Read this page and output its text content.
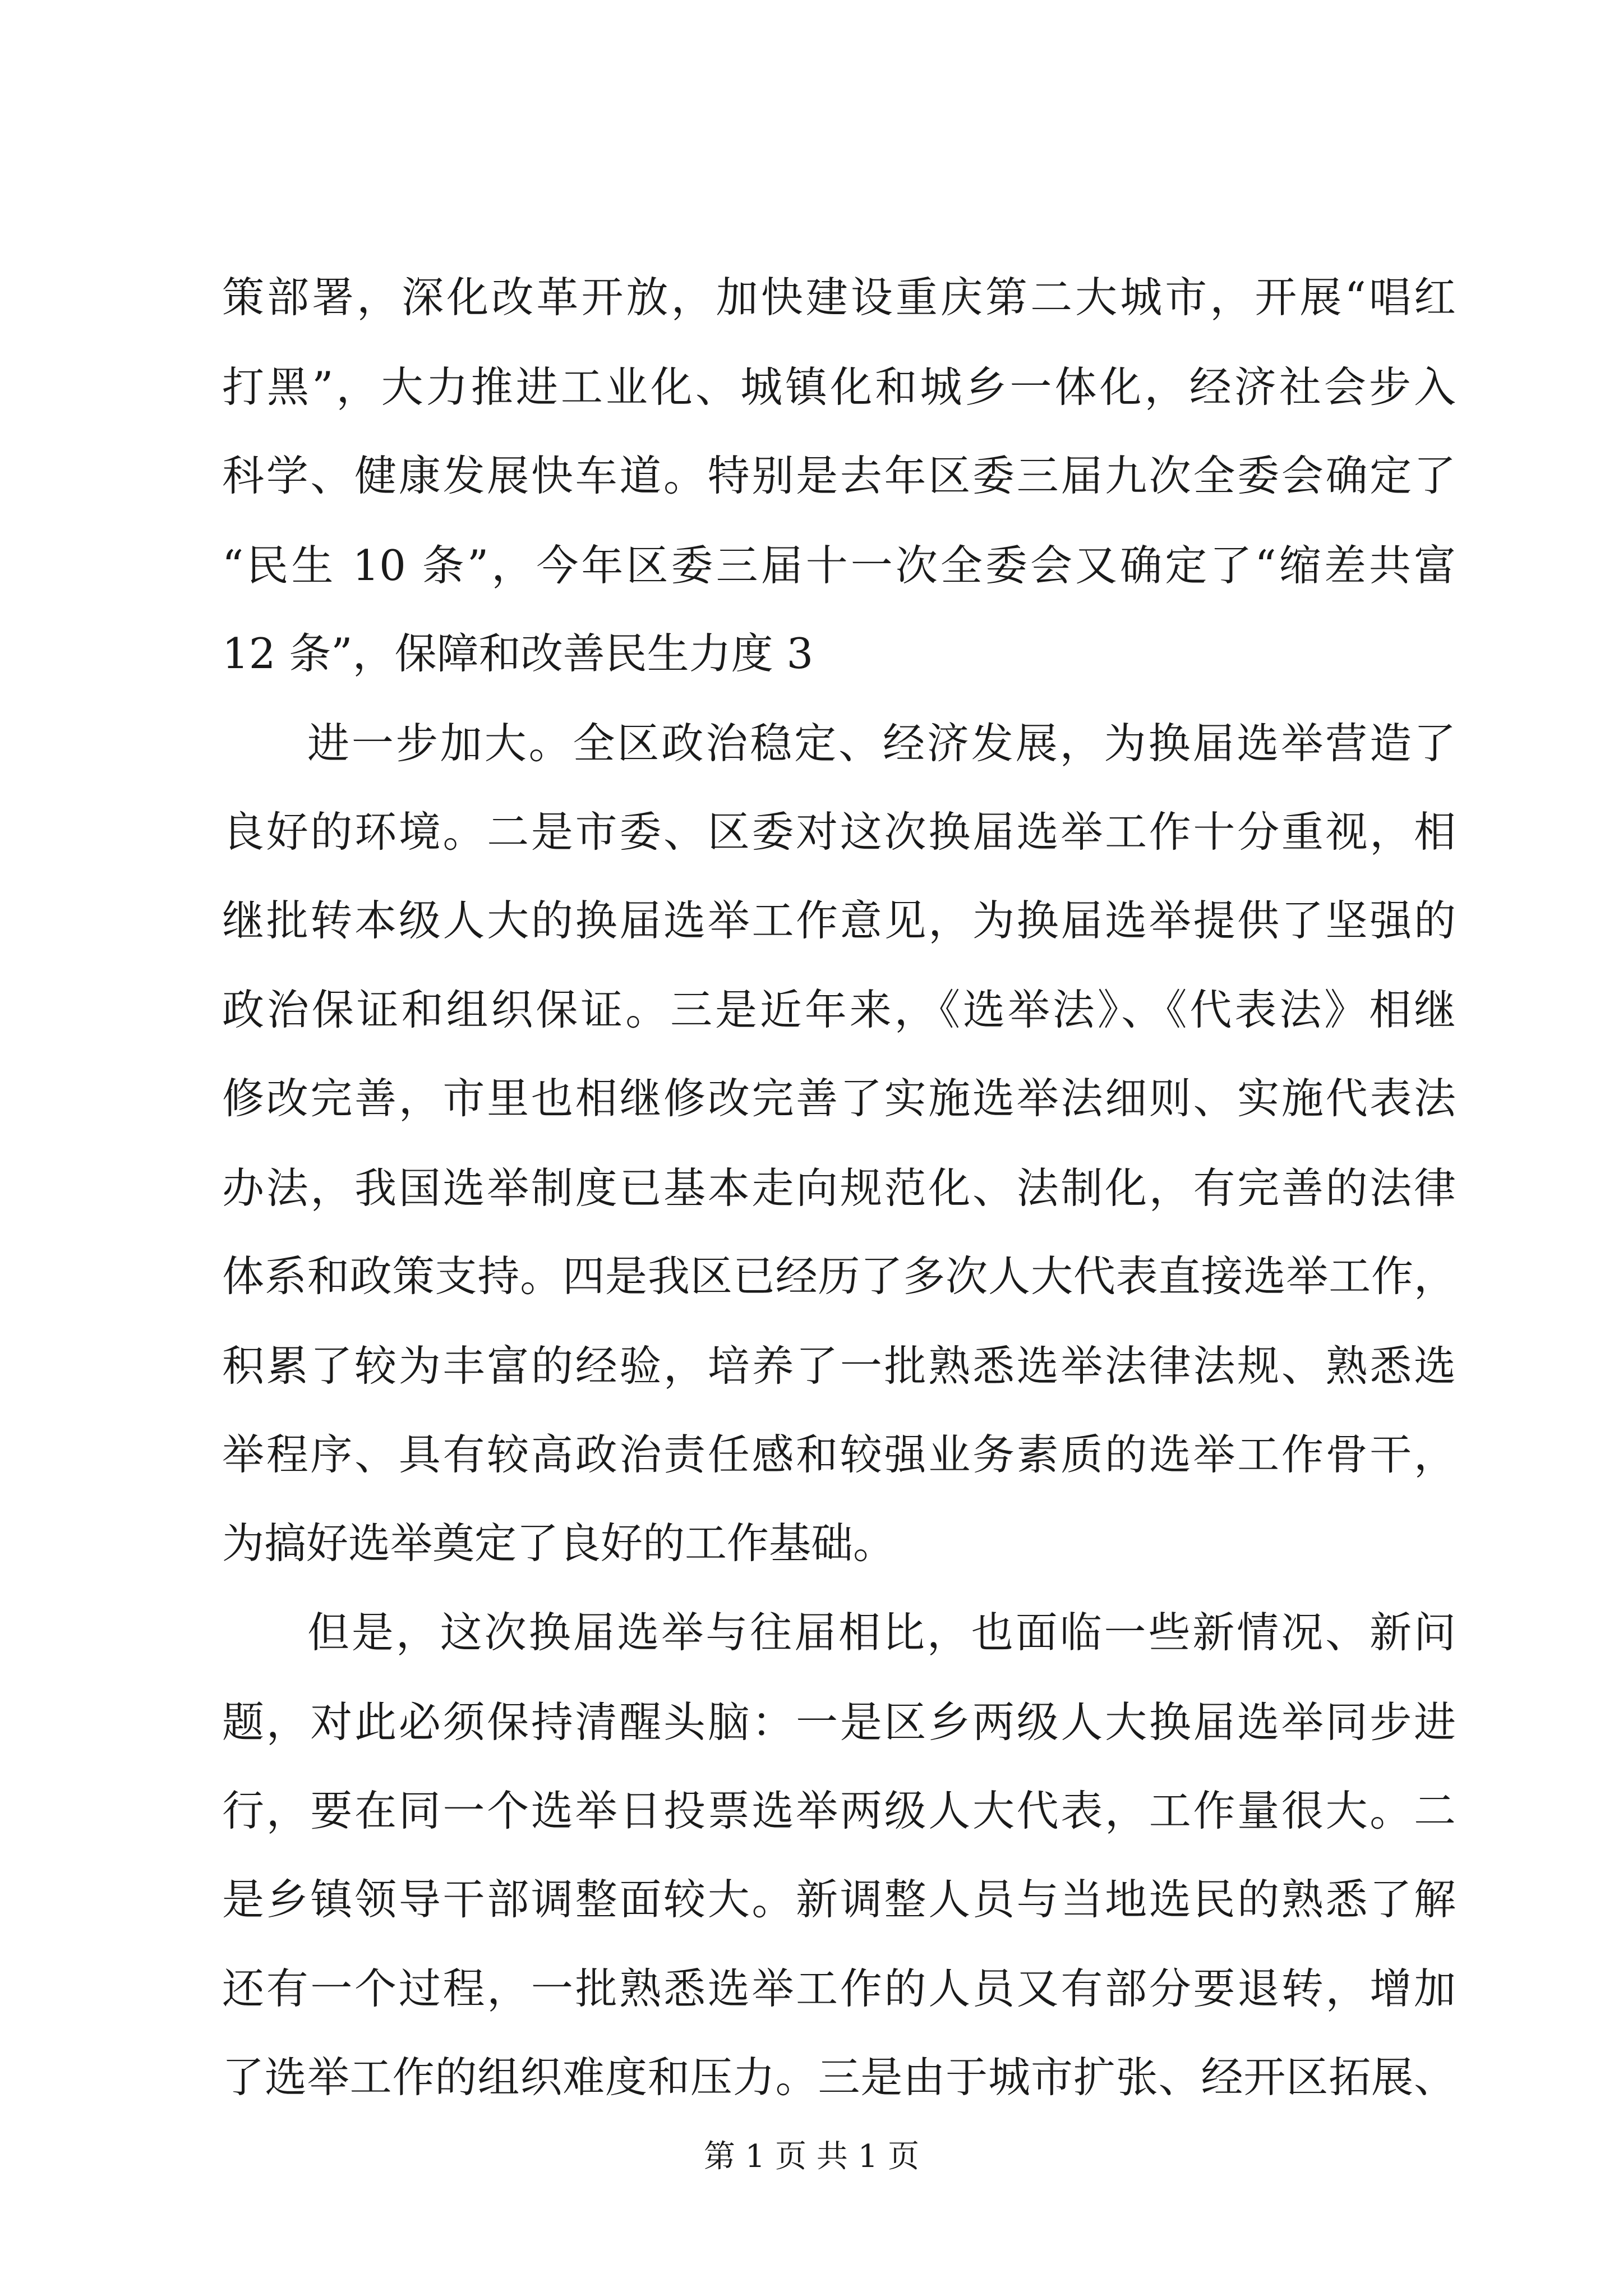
策部署，深化改革开放，加快建设重庆第二大城市，开展“唱红
打黑”，大力推进工业化、城镇化和城乡一体化，经济社会步入
科学、健康发展快车道。特别是去年区委三届九次全委会确定了
“民生 10 条”，今年区委三届十一次全委会又确定了“缩差共富
12 条”，保障和改善民生力度 3
进一步加大。全区政治稳定、经济发展，为换届选举营造了
良好的环境。二是市委、区委对这次换届选举工作十分重视，相
继批转本级人大的换届选举工作意见，为换届选举提供了坚强的
政治保证和组织保证。三是近年来，《选举法》、《代表法》相继
修改完善，市里也相继修改完善了实施选举法细则、实施代表法
办法，我国选举制度已基本走向规范化、法制化，有完善的法律
体系和政策支持。四是我区已经历了多次人大代表直接选举工作，
积累了较为丰富的经验，培养了一批熟悉选举法律法规、熟悉选
举程序、具有较高政治责任感和较强业务素质的选举工作骨干，
为搞好选举奠定了良好的工作基础。
但是，这次换届选举与往届相比，也面临一些新情况、新问
题，对此必须保持清醒头脑：一是区乡两级人大换届选举同步进
行，要在同一个选举日投票选举两级人大代表，工作量很大。二
是乡镇领导干部调整面较大。新调整人员与当地选民的熟悉了解
还有一个过程，一批熟悉选举工作的人员又有部分要退转，增加
了选举工作的组织难度和压力。三是由于城市扩张、经开区拓展、
第 1 页 共 1 页
